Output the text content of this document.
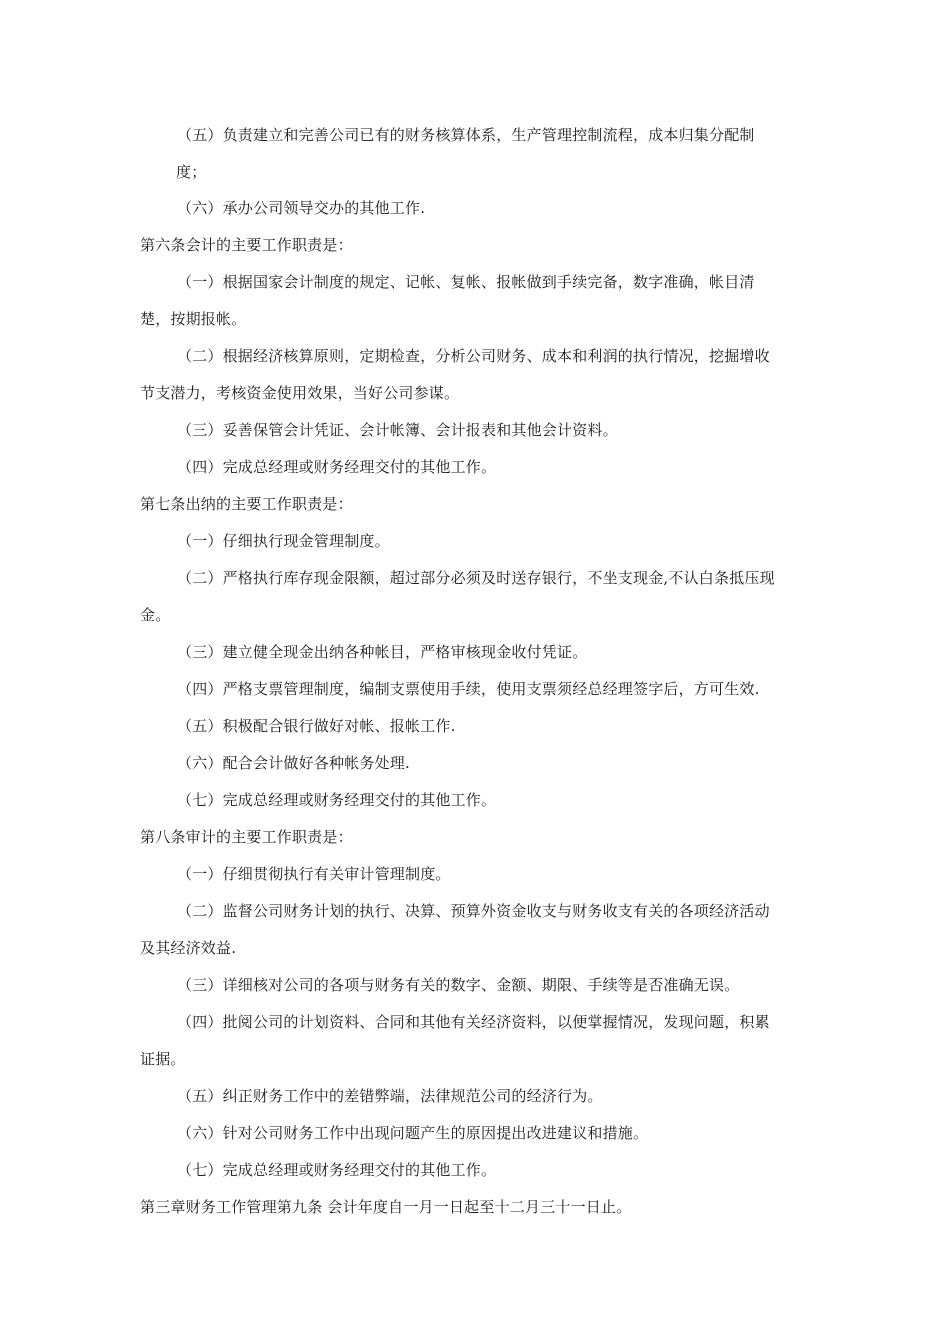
（五）负责建立和完善公司已有的财务核算体系，生产管理控制流程，成本归集分配制
度；
（六）承办公司领导交办的其他工作.
第六条会计的主要工作职责是：
（一）根据国家会计制度的规定、记帐、复帐、报帐做到手续完备，数字准确，帐目清
楚，按期报帐。
（二）根据经济核算原则，定期检查，分析公司财务、成本和利润的执行情况，挖掘增收
节支潜力，考核资金使用效果，当好公司参谋。
（三）妥善保管会计凭证、会计帐簿、会计报表和其他会计资料。
（四）完成总经理或财务经理交付的其他工作。
第七条出纳的主要工作职责是：
（一）仔细执行现金管理制度。
（二）严格执行库存现金限额，超过部分必须及时送存银行，不坐支现金,不认白条抵压现
金。
（三）建立健全现金出纳各种帐目，严格审核现金收付凭证。
（四）严格支票管理制度，编制支票使用手续，使用支票须经总经理签字后，方可生效.
（五）积极配合银行做好对帐、报帐工作.
（六）配合会计做好各种帐务处理.
（七）完成总经理或财务经理交付的其他工作。
第八条审计的主要工作职责是：
（一）仔细贯彻执行有关审计管理制度。
（二）监督公司财务计划的执行、决算、预算外资金收支与财务收支有关的各项经济活动
及其经济效益.
（三）详细核对公司的各项与财务有关的数字、金额、期限、手续等是否准确无误。
（四）批阅公司的计划资料、合同和其他有关经济资料，以便掌握情况，发现问题，积累
证据。
（五）纠正财务工作中的差错弊端，法律规范公司的经济行为。
（六）针对公司财务工作中出现问题产生的原因提出改进建议和措施。
（七）完成总经理或财务经理交付的其他工作。
第三章财务工作管理第九条 会计年度自一月一日起至十二月三十一日止。
